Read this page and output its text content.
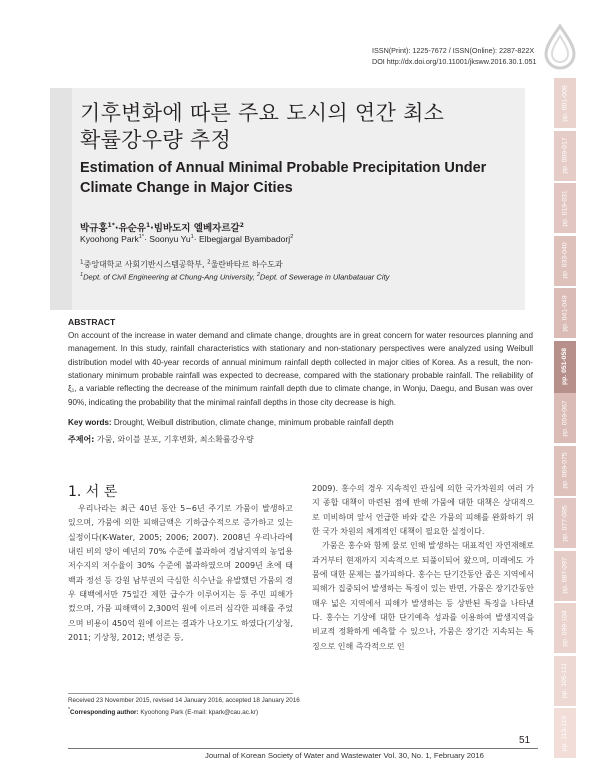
ISSN(Print): 1225-7672 / ISSN(Online): 2287-822X
DOI http://dx.doi.org/10.11001/jksww.2016.30.1.051
기후변화에 따른 주요 도시의 연간 최소
확률강우량 추정
Estimation of Annual Minimal Probable Precipitation Under
Climate Change in Major Cities
박규홍$^{1*}$·유순유$^1$·빔바도지 엘베자르갈$^2$
Kyoohong Park$^{1*}$· Soonyu $Yu^1\cdot$ Elbegjargal Byambadorj$^2$
$^1$중앙대학교 사회기반시스템공학부, $^2$울란바타르 하수도과
$^1$Dept. of Civil Engineering at Chung-Ang University, $^2$Dept. of Sewerage in Ulanbatauar City
ABSTRACT
On account of the increase in water demand and climate change, droughts are in great concern for water resources planning and management. In this study, rainfall characteristics with stationary and non-stationary perspectives were analyzed using Weibull distribution model with 40-year records of annual minimum rainfall depth collected in major cities of Korea. As a result, the non-stationary minimum probable rainfall was expected to decrease, compared with the stationary probable rainfall. The reliability of ξ₁, a variable reflecting the decrease of the minimum rainfall depth due to climate change, in Wonju, Daegu, and Busan was over 90%, indicating the probability that the minimal rainfall depths in those city decrease is high.
Key words: Drought, Weibull distribution, climate change, minimum probable rainfall depth
주제어: 가뭄, 와이블 분포, 기후변화, 최소확률강우량
1. 서 론

우리나라는 최근 40년 동안 5~6년 주기로 가뭄이 발생하고 있으며, 가뭄에 의한 피해금액은 기하급수적으로 증가하고 있는 실정이다(K-Water, 2005; 2006; 2007). 2008년 우리나라에 내린 비의 양이 예년의 70% 수준에 불과하여 경남지역의 농업용 저수지의 저수율이 30% 수준에 불과하였으며 2009년 초에 태백과 정선 등 강원 남부권의 극심한 식수난을 유발했던 가뭄의 경우 태백에서만 75일간 제한 급수가 이루어지는 등 주민 피해가 컸으며, 가뭄 피해액이 2,300억 원에 이르러 심각한 피해를 주었으며 비용이 450억 원에 이르는 결과가 나오기도 하였다(기상청, 2011; 기상청, 2012; 변성준 등,

2009). 홍수의 경우 지속적인 관심에 의한 국가차원의 여러 가지 종합 대책이 마련된 점에 반해 가뭄에 대한 대책은 상대적으로 미비하며 앞서 언급한 바와 같은 가뭄의 피해를 완화하기 위한 국가 차원의 체계적인 대책이 필요한 실정이다.

가뭄은 홍수와 함께 물로 인해 발생하는 대표적인 자연재해로 과거부터 현재까지 지속적으로 되풀이되어 왔으며, 미래에도 가뭄에 대한 문제는 불가피하다. 홍수는 단기간동안 좁은 지역에서 피해가 집중되어 발생하는 특징이 있는 반면, 가뭄은 장기간동안 매우 넓은 지역에서 피해가 발생하는 등 상반된 특징을 나타낸다. 홍수는 기상에 대한 단기예측 성과를 이용하여 발생지역을 비교적 정확하게 예측할 수 있으나, 가뭄은 장기간 지속되는 특징으로 인해 즉각적으로 인

Received 23 November 2015, revised 14 January 2016, accepted 18 January 2016
*Corresponding author: Kyoohong Park (E-mail: kpark@cau.ac.kr)
51
Journal of Korean Society of Water and Wastewater Vol. 30, No. 1, February 2016
pp. 001-008
pp. 009-017
pp. 019-031
pp. 033-040
pp. 041-049
pp. 051-058
pp. 059-067
pp. 069-075
pp. 077-085
pp. 087-097
pp. 099-104
pp. 105-111
pp. 113-119
